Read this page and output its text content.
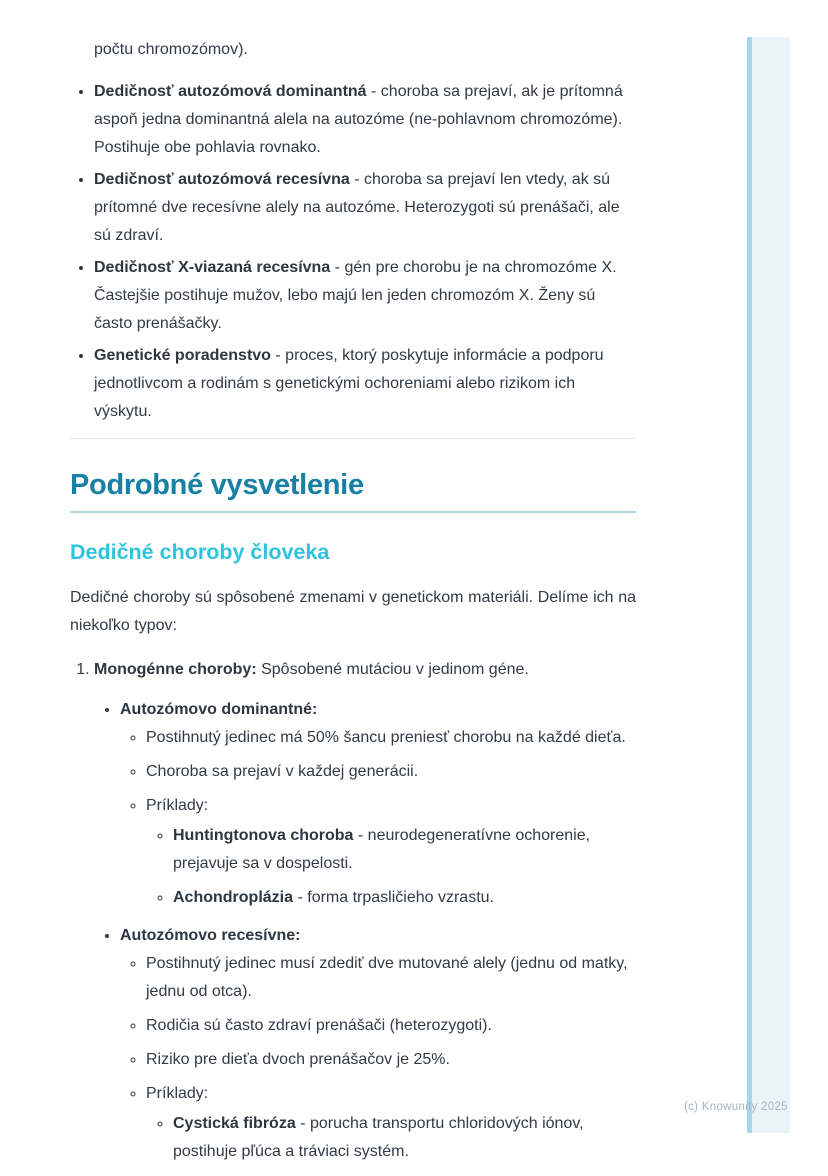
(c) Knowunity 2025

počtu chromozómov).

• Dedičnosť autozómová dominantná - choroba sa prejaví, ak je prítomná aspoň jedna dominantná alela na autozóme (ne-pohlavnom chromozóme). Postihuje obe pohlavia rovnako.
• Dedičnosť autozómová recesívna - choroba sa prejaví len vtedy, ak sú prítomné dve recesívne alely na autozóme. Heterozygoti sú prenášači, ale sú zdraví.
• Dedičnosť X-viazaná recesívna - gén pre chorobu je na chromozóme X. Častejšie postihuje mužov, lebo majú len jeden chromozóm X. Ženy sú často prenášačky.
• Genetické poradenstvo - proces, ktorý poskytuje informácie a podporu jednotlivcom a rodinám s genetickými ochoreniami alebo rizikom ich výskytu.
Podrobné vysvetlenie
Dedičné choroby človeka

Dedičné choroby sú spôsobené zmenami v genetickom materiáli. Delíme ich na niekoľko typov:

1. Monogénne choroby: Spôsobené mutáciou v jedinom géne.
• Autozómovo dominantné:
◦ Postihnutý jedinec má 50% šancu preniesť chorobu na každé dieťa.
◦ Choroba sa prejaví v každej generácii.
◦ Príklady:
◦ Huntingtonova choroba - neurodegeneratívne ochorenie, prejavuje sa v dospelosti.
◦ Achondroplázia - forma trpasličieho vzrastu.
• Autozómovo recesívne:
◦ Postihnutý jedinec musí zdediť dve mutované alely (jednu od matky, jednu od otca).
◦ Rodičia sú často zdraví prenášači (heterozygoti).
◦ Riziko pre dieťa dvoch prenášačov je 25%.
◦ Príklady:
◦ Cystická fibróza - porucha transportu chloridových iónov, postihuje pľúca a tráviaci systém.
